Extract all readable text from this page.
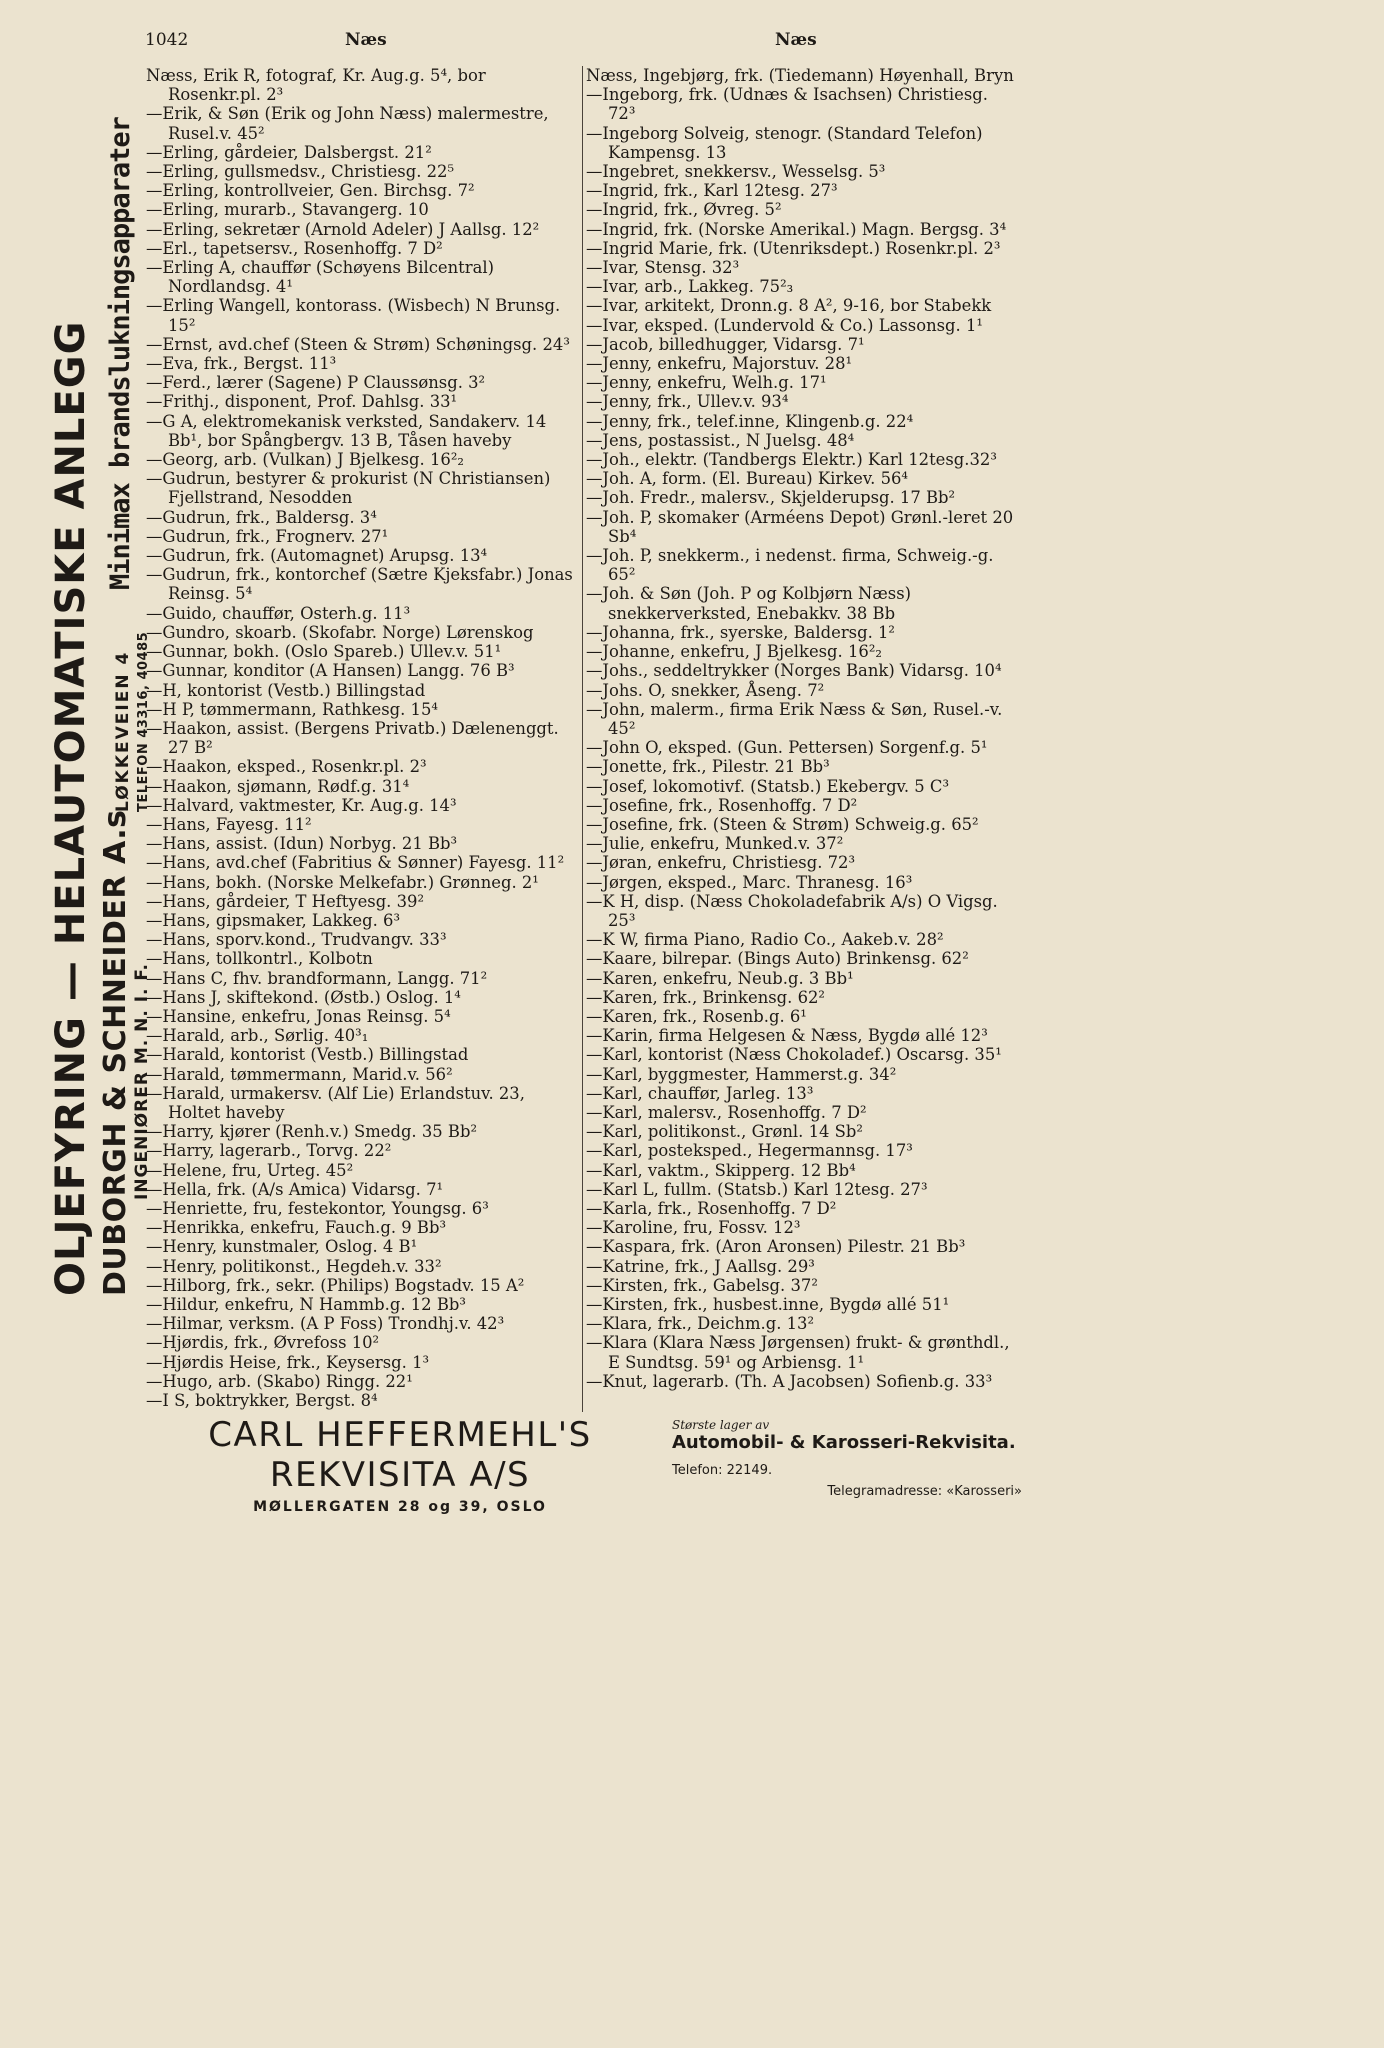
1042	Næs	Næs
OLJEFYRING — HELAUTOMATISKE ANLEGG DUBORGH & SCHNEIDER A.s INGENIØRER M. N. I. F.
Minimax brandslukningsapparater
LØKKEVEIEN 4 TELEFON 43316, 40485

Næss, Erik R, fotograf, Kr. Aug.g. 5⁴, bor Rosenkr.pl. 2³

—Erik, & Søn (Erik og John Næss) malermestre, Rusel.v. 45²

—Erling, gårdeier, Dalsbergst. 21²

—Erling, gullsmedsv., Christiesg. 22⁵

—Erling, kontrollveier, Gen. Birchsg. 7²

—Erling, murarb., Stavangerg. 10

—Erling, sekretær (Arnold Adeler) J Aallsg. 12²

—Erl., tapetsersv., Rosenhoffg. 7 D²

—Erling A, chauffør (Schøyens Bilcentral) Nordlandsg. 4¹

—Erling Wangell, kontorass. (Wisbech) N Brunsg. 15²

—Ernst, avd.chef (Steen & Strøm) Schøningsg. 24³

—Eva, frk., Bergst. 11³

—Ferd., lærer (Sagene) P Claussønsg. 3²

—Frithj., disponent, Prof. Dahlsg. 33¹

—G A, elektromekanisk verksted, Sandakerv. 14 Bb¹, bor Spångbergv. 13 B, Tåsen haveby

—Georg, arb. (Vulkan) J Bjelkesg. 16²₂

—Gudrun, bestyrer & prokurist (N Christiansen) Fjellstrand, Nesodden

—Gudrun, frk., Baldersg. 3⁴

—Gudrun, frk., Frognerv. 27¹

—Gudrun, frk. (Automagnet) Arupsg. 13⁴

—Gudrun, frk., kontorchef (Sætre Kjeksfabr.) Jonas Reinsg. 5⁴

—Guido, chauffør, Osterh.g. 11³

—Gundro, skoarb. (Skofabr. Norge) Lørenskog

—Gunnar, bokh. (Oslo Spareb.) Ullev.v. 51¹

—Gunnar, konditor (A Hansen) Langg. 76 B³

—H, kontorist (Vestb.) Billingstad

—H P, tømmermann, Rathkesg. 15⁴

—Haakon, assist. (Bergens Privatb.) Dælenenggt. 27 B²

—Haakon, eksped., Rosenkr.pl. 2³

—Haakon, sjømann, Rødf.g. 31⁴

—Halvard, vaktmester, Kr. Aug.g. 14³

—Hans, Fayesg. 11²

—Hans, assist. (Idun) Norbyg. 21 Bb³

—Hans, avd.chef (Fabritius & Sønner) Fayesg. 11²

—Hans, bokh. (Norske Melkefabr.) Grønneg. 2¹

—Hans, gårdeier, T Heftyesg. 39²

—Hans, gipsmaker, Lakkeg. 6³

—Hans, sporv.kond., Trudvangv. 33³

—Hans, tollkontrl., Kolbotn

—Hans C, fhv. brandformann, Langg. 71²

—Hans J, skiftekond. (Østb.) Oslog. 1⁴

—Hansine, enkefru, Jonas Reinsg. 5⁴

—Harald, arb., Sørlig. 40³₁

—Harald, kontorist (Vestb.) Billingstad

—Harald, tømmermann, Marid.v. 56²

—Harald, urmakersv. (Alf Lie) Erlandstuv. 23, Holtet haveby

—Harry, kjører (Renh.v.) Smedg. 35 Bb²

—Harry, lagerarb., Torvg. 22²

—Helene, fru, Urteg. 45²

—Hella, frk. (A/s Amica) Vidarsg. 7¹

—Henriette, fru, festekontor, Youngsg. 6³

—Henrikka, enkefru, Fauch.g. 9 Bb³

—Henry, kunstmaler, Oslog. 4 B¹

—Henry, politikonst., Hegdeh.v. 33²

—Hilborg, frk., sekr. (Philips) Bogstadv. 15 A²

—Hildur, enkefru, N Hammb.g. 12 Bb³

—Hilmar, verksm. (A P Foss) Trondhj.v. 42³

—Hjørdis, frk., Øvrefoss 10²

—Hjørdis Heise, frk., Keysersg. 1³

—Hugo, arb. (Skabo) Ringg. 22¹

—I S, boktrykker, Bergst. 8⁴

Næss, Ingebjørg, frk. (Tiedemann) Høyenhall, Bryn

—Ingeborg, frk. (Udnæs & Isachsen) Christiesg. 72³

—Ingeborg Solveig, stenogr. (Standard Telefon) Kampensg. 13

—Ingebret, snekkersv., Wesselsg. 5³

—Ingrid, frk., Karl 12tesg. 27³

—Ingrid, frk., Øvreg. 5²

—Ingrid, frk. (Norske Amerikal.) Magn. Bergsg. 3⁴

—Ingrid Marie, frk. (Utenriksdept.) Rosenkr.pl. 2³

—Ivar, Stensg. 32³

—Ivar, arb., Lakkeg. 75²₃

—Ivar, arkitekt, Dronn.g. 8 A², 9-16, bor Stabekk

—Ivar, eksped. (Lundervold & Co.) Lassonsg. 1¹

—Jacob, billedhugger, Vidarsg. 7¹

—Jenny, enkefru, Majorstuv. 28¹

—Jenny, enkefru, Welh.g. 17¹

—Jenny, frk., Ullev.v. 93⁴

—Jenny, frk., telef.inne, Klingenb.g. 22⁴

—Jens, postassist., N Juelsg. 48⁴

—Joh., elektr. (Tandbergs Elektr.) Karl 12tesg.32³

—Joh. A, form. (El. Bureau) Kirkev. 56⁴

—Joh. Fredr., malersv., Skjelderupsg. 17 Bb²

—Joh. P, skomaker (Arméens Depot) Grønl.-leret 20 Sb⁴

—Joh. P, snekkerm., i nedenst. firma, Schweig.-g. 65²

—Joh. & Søn (Joh. P og Kolbjørn Næss) snekkerverksted, Enebakkv. 38 Bb

—Johanna, frk., syerske, Baldersg. 1²

—Johanne, enkefru, J Bjelkesg. 16²₂

—Johs., seddeltrykker (Norges Bank) Vidarsg. 10⁴

—Johs. O, snekker, Åseng. 7²

—John, malerm., firma Erik Næss & Søn, Rusel.-v. 45²

—John O, eksped. (Gun. Pettersen) Sorgenf.g. 5¹

—Jonette, frk., Pilestr. 21 Bb³

—Josef, lokomotivf. (Statsb.) Ekebergv. 5 C³

—Josefine, frk., Rosenhoffg. 7 D²

—Josefine, frk. (Steen & Strøm) Schweig.g. 65²

—Julie, enkefru, Munked.v. 37²

—Jøran, enkefru, Christiesg. 72³

—Jørgen, eksped., Marc. Thranesg. 16³

—K H, disp. (Næss Chokoladefabrik A/s) O Vigsg. 25³

—K W, firma Piano, Radio Co., Aakeb.v. 28²

—Kaare, bilrepar. (Bings Auto) Brinkensg. 62²

—Karen, enkefru, Neub.g. 3 Bb¹

—Karen, frk., Brinkensg. 62²

—Karen, frk., Rosenb.g. 6¹

—Karin, firma Helgesen & Næss, Bygdø allé 12³

—Karl, kontorist (Næss Chokoladef.) Oscarsg. 35¹

—Karl, byggmester, Hammerst.g. 34²

—Karl, chauffør, Jarleg. 13³

—Karl, malersv., Rosenhoffg. 7 D²

—Karl, politikonst., Grønl. 14 Sb²

—Karl, posteksped., Hegermannsg. 17³

—Karl, vaktm., Skipperg. 12 Bb⁴

—Karl L, fullm. (Statsb.) Karl 12tesg. 27³

—Karla, frk., Rosenhoffg. 7 D²

—Karoline, fru, Fossv. 12³

—Kaspara, frk. (Aron Aronsen) Pilestr. 21 Bb³

—Katrine, frk., J Aallsg. 29³

—Kirsten, frk., Gabelsg. 37²

—Kirsten, frk., husbest.inne, Bygdø allé 51¹

—Klara, frk., Deichm.g. 13²

—Klara (Klara Næss Jørgensen) frukt- & grønthdl., E Sundtsg. 59¹ og Arbiensg. 1¹

—Knut, lagerarb. (Th. A Jacobsen) Sofienb.g. 33³

CARL HEFFERMEHL'S
REKVISITA A/S
MØLLERGATEN 28 og 39, OSLO
Største lager av
Automobil- & Karosseri-Rekvisita.
Telefon: 22149.
Telegramadresse: «Karosseri»
